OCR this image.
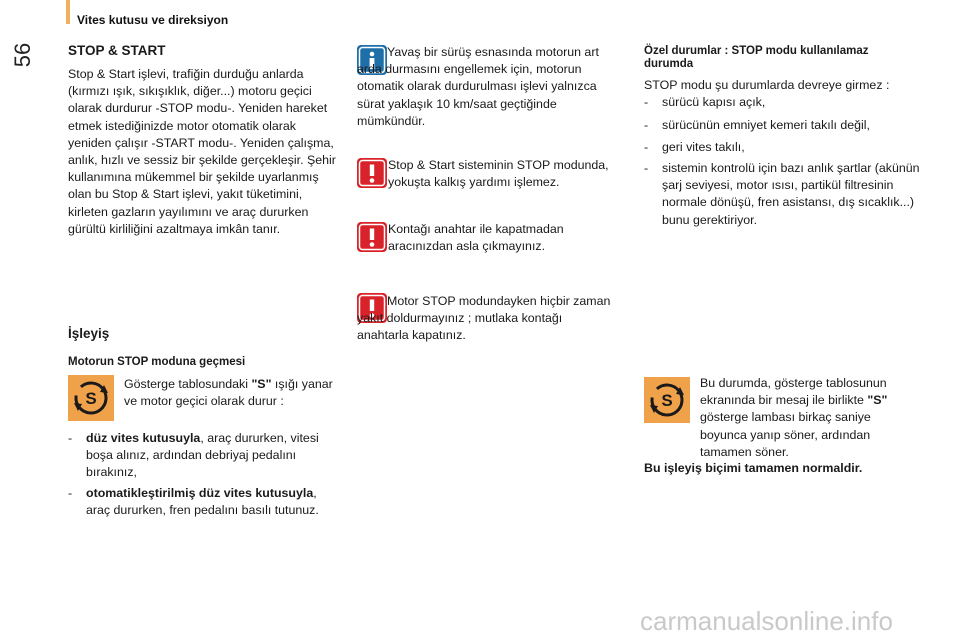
56
Vites kutusu ve direksiyon
STOP & START

Stop & Start işlevi, trafiğin durduğu anlarda (kırmızı ışık, sıkışıklık, diğer...) motoru geçici olarak durdurur -STOP modu-. Yeniden hareket etmek istediğinizde motor otomatik olarak yeniden çalışır -START modu-. Yeniden çalışma, anlık, hızlı ve sessiz bir şekilde gerçekleşir. Şehir kullanımına mükemmel bir şekilde uyarlanmış olan bu Stop & Start işlevi, yakıt tüketimini, kirleten gazların yayılımını ve araç dururken gürültü kirliliğini azaltmaya imkân tanır.

İşleyiş
Motorun STOP moduna geçmesi
S

Gösterge tablosundaki "S" ışığı yanar ve motor geçici olarak durur :

- düz vites kutusuyla, araç dururken, vitesi boşa alınız, ardından debriyaj pedalını bırakınız,

- otomatikleştirilmiş düz vites kutusuyla, araç dururken, fren pedalını basılı tutunuz.

Yavaş bir sürüş esnasında motorun art arda durmasını engellemek için, motorun otomatik olarak durdurulması işlevi yalnızca sürat yaklaşık 10 km/saat geçtiğinde mümkündür.

Stop & Start sisteminin STOP modunda, yokuşta kalkış yardımı işlemez.

Kontağı anahtar ile kapatmadan aracınızdan asla çıkmayınız.

Motor STOP modundayken hiçbir zaman yakıt doldurmayınız ; mutlaka kontağı anahtarla kapatınız.

Özel durumlar : STOP modu kullanılamaz durumda

STOP modu şu durumlarda devreye girmez :

- sürücü kapısı açık,

- sürücünün emniyet kemeri takılı değil,

- geri vites takılı,

- sistemin kontrolü için bazı anlık şartlar (akünün şarj seviyesi, motor ısısı, partikül filtresinin normale dönüşü, fren asistansı, dış sıcaklık...) bunu gerektiriyor.

S

Bu durumda, gösterge tablosunun ekranında bir mesaj ile birlikte "S" gösterge lambası birkaç saniye boyunca yanıp söner, ardından tamamen söner.

Bu işleyiş biçimi tamamen normaldir.

carmanualsonline.info
